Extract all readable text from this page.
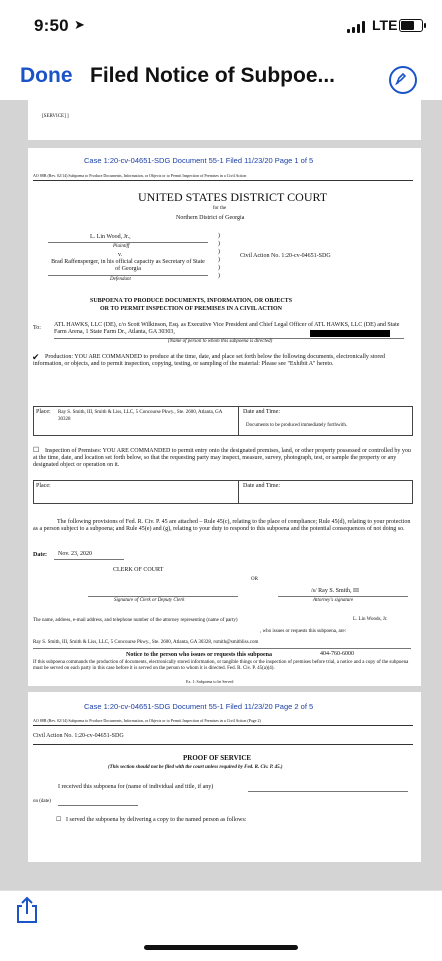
9:50 ➤	LTE
Done Filed Notice of Subpoe...
[SERVICE] ]
Case 1:20-cv-04651-SDG Document 55-1 Filed 11/23/20 Page 1 of 5
AO 88B (Rev. 02/14) Subpoena to Produce Documents, Information, or Objects or to Permit Inspection of Premises in a Civil Action
UNITED STATES DISTRICT COURT
for the
Northern District of Georgia
L. Lin Wood, Jr.,
Plaintiff
v.
Brad Raffensperger, in his official capacity as Secretary of State of Georgia
Defendant
)
)
)
)
)
)
Civil Action No. 1:20-cv-04651-SDG
SUBPOENA TO PRODUCE DOCUMENTS, INFORMATION, OR OBJECTS
OR TO PERMIT INSPECTION OF PREMISES IN A CIVIL ACTION
To: ATL HAWKS, LLC (DE), c/o Scott Wilkinson, Esq. as Executive Vice President and Chief Legal Officer of ATL HAWKS, LLC (DE) and State Farm Arena, 1 State Farm Dr., Atlanta, GA 30303,
(Name of person to whom this subpoena is directed)
✔ Production: YOU ARE COMMANDED to produce at the time, date, and place set forth below the following documents, electronically stored information, or objects, and to permit inspection, copying, testing, or sampling of the material: Please see "Exhibit A" hereto.
Place: Ray S. Smith, III, Smith & Liss, LLC, 5 Concourse Pkwy., Ste. 2600, Atlanta, GA 30328
Date and Time:
Documents to be produced immediately forthwith.
☐ Inspection of Premises: YOU ARE COMMANDED to permit entry onto the designated premises, land, or other property possessed or controlled by you at the time, date, and location set forth below, so that the requesting party may inspect, measure, survey, photograph, test, or sample the property or any designated object or operation on it.
Place:	Date and Time:
The following provisions of Fed. R. Civ. P. 45 are attached – Rule 45(c), relating to the place of compliance; Rule 45(d), relating to your protection as a person subject to a subpoena; and Rule 45(e) and (g), relating to your duty to respond to this subpoena and the potential consequences of not doing so.
Date: Nov. 23, 2020
CLERK OF COURT
OR
Signature of Clerk or Deputy Clerk
/s/ Ray S. Smith, III
Attorney's signature
The name, address, e-mail address, and telephone number of the attorney representing (name of party)	L. Lin Woods, Jr.
, who issues or requests this subpoena, are:
Ray S. Smith, III, Smith & Liss, LLC, 5 Concourse Pkwy., Ste. 2600, Atlanta, GA 30328, rsmith@smithliss.com
Notice to the person who issues or requests this subpoena	404-760-6000
If this subpoena commands the production of documents, electronically stored information, or tangible things or the inspection of premises before trial, a notice and a copy of the subpoena must be served on each party in this case before it is served on the person to whom it is directed. Fed. R. Civ. P. 45(a)(4).
Ex. 1: Subpoena to be Served
Case 1:20-cv-04651-SDG Document 55-1 Filed 11/23/20 Page 2 of 5
AO 88B (Rev. 02/14) Subpoena to Produce Documents, Information, or Objects or to Permit Inspection of Premises in a Civil Action (Page 2)
Civil Action No. 1:20-cv-04651-SDG
PROOF OF SERVICE
(This section should not be filed with the court unless required by Fed. R. Civ. P. 45.)
I received this subpoena for (name of individual and title, if any)
on (date)
☐ I served the subpoena by delivering a copy to the named person as follows:
